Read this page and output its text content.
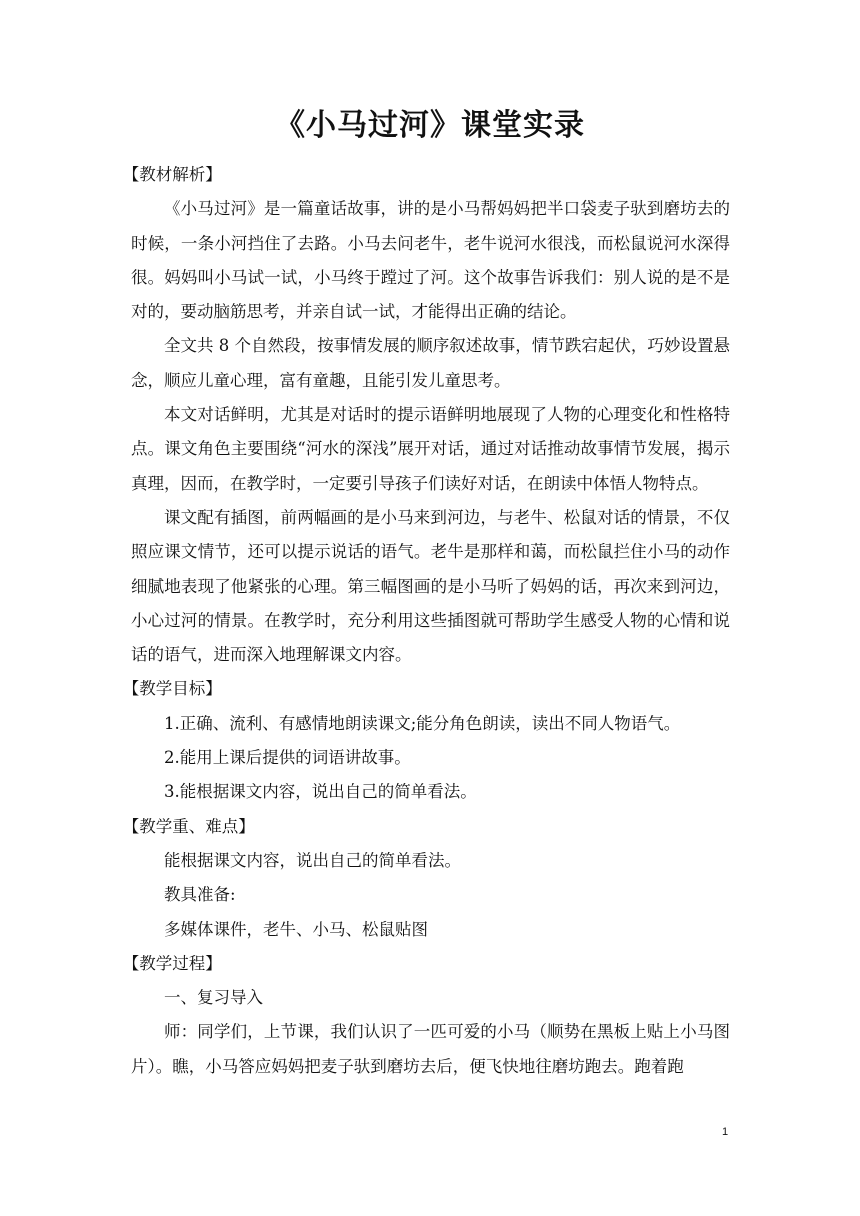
《小马过河》课堂实录

【教材解析】

《小马过河》是一篇童话故事，讲的是小马帮妈妈把半口袋麦子驮到磨坊去的时候，一条小河挡住了去路。小马去问老牛，老牛说河水很浅，而松鼠说河水深得很。妈妈叫小马试一试，小马终于蹚过了河。这个故事告诉我们：别人说的是不是对的，要动脑筋思考，并亲自试一试，才能得出正确的结论。

全文共 8 个自然段，按事情发展的顺序叙述故事，情节跌宕起伏，巧妙设置悬念，顺应儿童心理，富有童趣，且能引发儿童思考。

本文对话鲜明，尤其是对话时的提示语鲜明地展现了人物的心理变化和性格特点。课文角色主要围绕“河水的深浅”展开对话，通过对话推动故事情节发展，揭示真理，因而，在教学时，一定要引导孩子们读好对话，在朗读中体悟人物特点。

课文配有插图，前两幅画的是小马来到河边，与老牛、松鼠对话的情景，不仅照应课文情节，还可以提示说话的语气。老牛是那样和蔼，而松鼠拦住小马的动作细腻地表现了他紧张的心理。第三幅图画的是小马听了妈妈的话，再次来到河边，小心过河的情景。在教学时，充分利用这些插图就可帮助学生感受人物的心情和说话的语气，进而深入地理解课文内容。

【教学目标】

1.正确、流利、有感情地朗读课文;能分角色朗读，读出不同人物语气。

2.能用上课后提供的词语讲故事。

3.能根据课文内容，说出自己的简单看法。

【教学重、难点】

能根据课文内容，说出自己的简单看法。

教具准备:

多媒体课件，老牛、小马、松鼠贴图

【教学过程】

一、复习导入

师：同学们，上节课，我们认识了一匹可爱的小马（顺势在黑板上贴上小马图片）。瞧，小马答应妈妈把麦子驮到磨坊去后，便飞快地往磨坊跑去。跑着跑

1
